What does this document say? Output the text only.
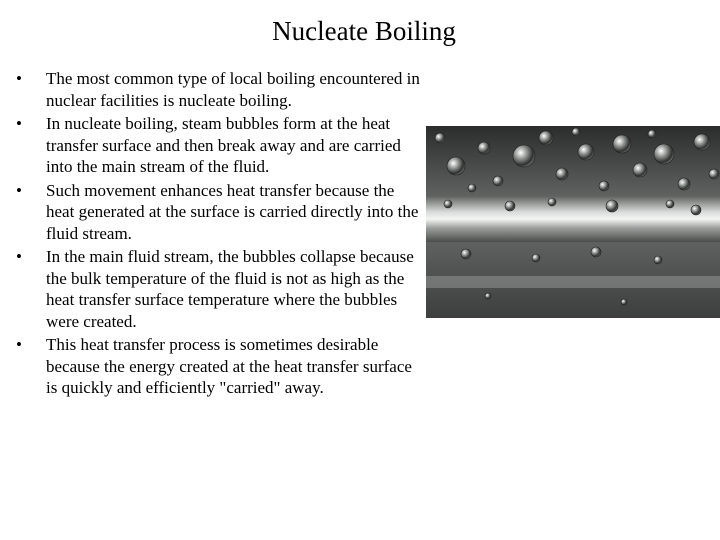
Nucleate Boiling
•	The most common type of local boiling encountered in nuclear facilities is nucleate boiling.
•	In nucleate boiling, steam bubbles form at the heat transfer surface and then break away and are carried into the main stream of the fluid.
•	Such movement enhances heat transfer because the heat generated at the surface is carried directly into the fluid stream.
•	In the main fluid stream, the bubbles collapse because the bulk temperature of the fluid is not as high as the heat transfer surface temperature where the bubbles were created.
•	This heat transfer process is sometimes desirable because the energy created at the heat transfer surface is quickly and efficiently "carried" away.
